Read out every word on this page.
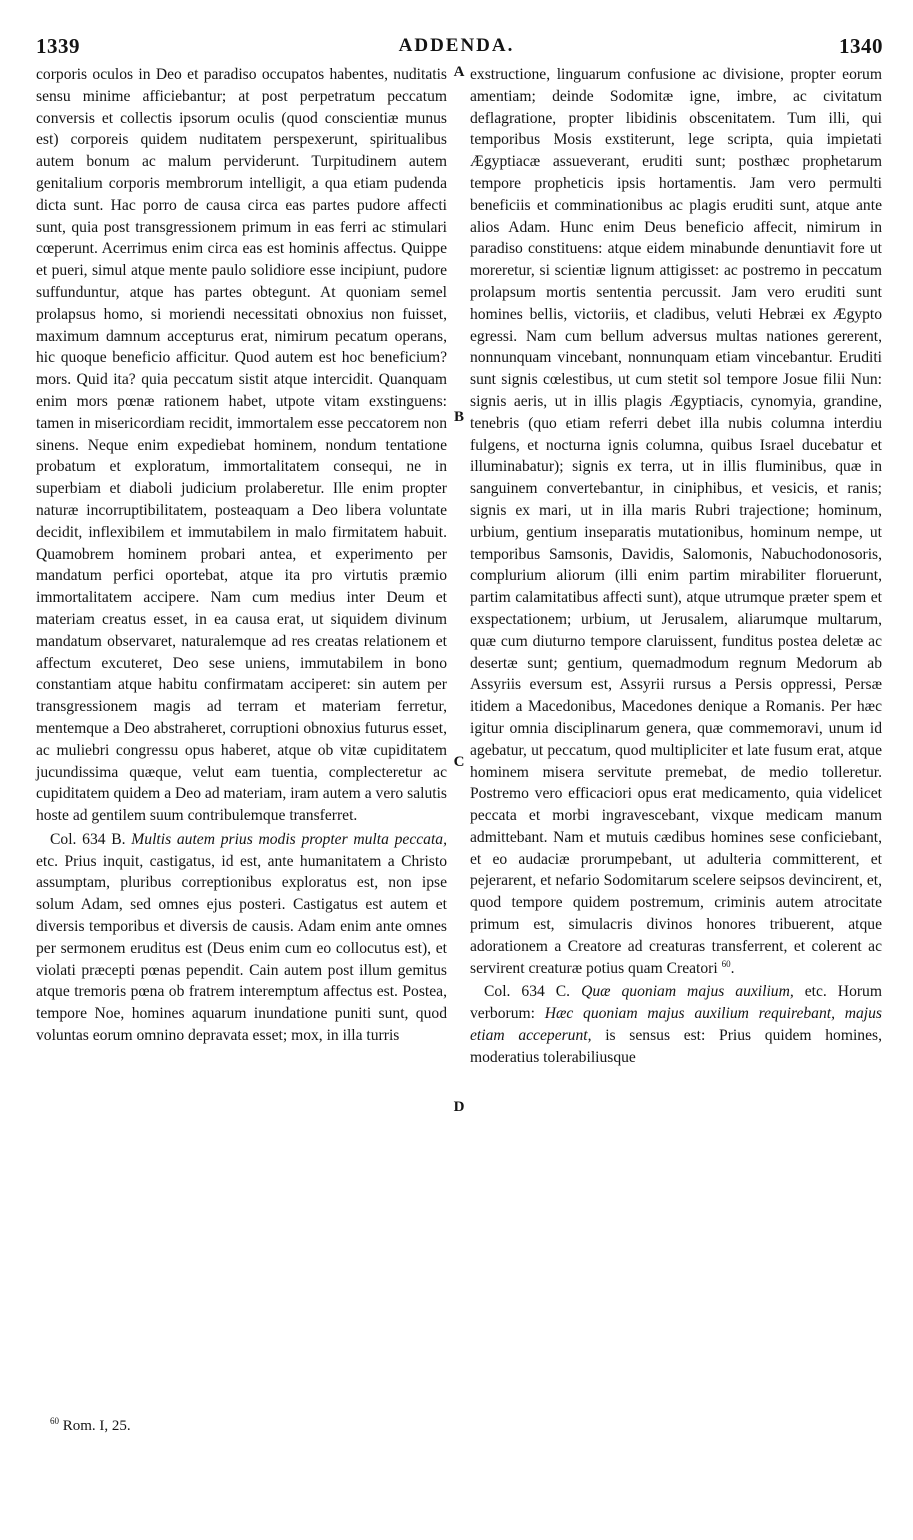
1339	ADDENDA.	1340

corporis oculos in Deo et paradiso occupatos habentes, nuditatis sensu minime afficiebantur; at post perpetratum peccatum conversis et collectis ipsorum oculis (quod conscientiæ munus est) corporeis quidem nuditatem perspexerunt, spiritualibus autem bonum ac malum perviderunt. Turpitudinem autem genitalium corporis membrorum intelligit, a qua etiam pudenda dicta sunt. Hac porro de causa circa eas partes pudore affecti sunt, quia post transgressionem primum in eas ferri ac stimulari cœperunt. Acerrimus enim circa eas est hominis affectus. Quippe et pueri, simul atque mente paulo solidiore esse incipiunt, pudore suffunduntur, atque has partes obtegunt. At quoniam semel prolapsus homo, si moriendi necessitati obnoxius non fuisset, maximum damnum accepturus erat, nimirum pecatum operans, hic quoque beneficio afficitur. Quod autem est hoc beneficium? mors. Quid ita? quia peccatum sistit atque intercidit. Quanquam enim mors pœnæ rationem habet, utpote vitam exstinguens: tamen in misericordiam recidit, immortalem esse peccatorem non sinens. Neque enim expediebat hominem, nondum tentatione probatum et exploratum, immortalitatem consequi, ne in superbiam et diaboli judicium prolaberetur. Ille enim propter naturæ incorruptibilitatem, posteaquam a Deo libera voluntate decidit, inflexibilem et immutabilem in malo firmitatem habuit. Quamobrem hominem probari antea, et experimento per mandatum perfici oportebat, atque ita pro virtutis præmio immortalitatem accipere. Nam cum medius inter Deum et materiam creatus esset, in ea causa erat, ut siquidem divinum mandatum observaret, naturalemque ad res creatas relationem et affectum excuteret, Deo sese uniens, immutabilem in bono constantiam atque habitu confirmatam acciperet: sin autem per transgressionem magis ad terram et materiam ferretur, mentemque a Deo abstraheret, corruptioni obnoxius futurus esset, ac muliebri congressu opus haberet, atque ob vitæ cupiditatem jucundissima quæque, velut eam tuentia, complecteretur ac cupiditatem quidem a Deo ad materiam, iram autem a vero salutis hoste ad gentilem suum contribulemque transferret.

Col. 634 B. Multis autem prius modis propter multa peccata, etc. Prius inquit, castigatus, id est, ante humanitatem a Christo assumptam, pluribus correptionibus exploratus est, non ipse solum Adam, sed omnes ejus posteri. Castigatus est autem et diversis temporibus et diversis de causis. Adam enim ante omnes per sermonem eruditus est (Deus enim cum eo collocutus est), et violati præcepti pœnas pependit. Cain autem post illum gemitus atque tremoris pœna ob fratrem interemptum affectus est. Postea, tempore Noe, homines aquarum inundatione puniti sunt, quod voluntas eorum omnino depravata esset; mox, in illa turris

exstructione, linguarum confusione ac divisione, propter eorum amentiam; deinde Sodomitæ igne, imbre, ac civitatum deflagratione, propter libidinis obscenitatem. Tum illi, qui temporibus Mosis exstiterunt, lege scripta, quia impietati Ægyptiacæ assueverant, eruditi sunt; posthæc prophetarum tempore propheticis ipsis hortamentis. Jam vero permulti beneficiis et comminationibus ac plagis eruditi sunt, atque ante alios Adam. Hunc enim Deus beneficio affecit, nimirum in paradiso constituens: atque eidem minabunde denuntiavit fore ut moreretur, si scientiæ lignum attigisset: ac postremo in peccatum prolapsum mortis sententia percussit. Jam vero eruditi sunt homines bellis, victoriis, et cladibus, veluti Hebræi ex Ægypto egressi. Nam cum bellum adversus multas nationes gererent, nonnunquam vincebant, nonnunquam etiam vincebantur. Eruditi sunt signis cœlestibus, ut cum stetit sol tempore Josue filii Nun: signis aeris, ut in illis plagis Ægyptiacis, cynomyia, grandine, tenebris (quo etiam referri debet illa nubis columna interdiu fulgens, et nocturna ignis columna, quibus Israel ducebatur et illuminabatur); signis ex terra, ut in illis fluminibus, quæ in sanguinem convertebantur, in ciniphibus, et vesicis, et ranis; signis ex mari, ut in illa maris Rubri trajectione; hominum, urbium, gentium inseparatis mutationibus, hominum nempe, ut temporibus Samsonis, Davidis, Salomonis, Nabuchodonosoris, complurium aliorum (illi enim partim mirabiliter floruerunt, partim calamitatibus affecti sunt), atque utrumque præter spem et exspectationem; urbium, ut Jerusalem, aliarumque multarum, quæ cum diuturno tempore claruissent, funditus postea deletæ ac desertæ sunt; gentium, quemadmodum regnum Medorum ab Assyriis eversum est, Assyrii rursus a Persis oppressi, Persæ itidem a Macedonibus, Macedones denique a Romanis. Per hæc igitur omnia disciplinarum genera, quæ commemoravi, unum id agebatur, ut peccatum, quod multipliciter et late fusum erat, atque hominem misera servitute premebat, de medio tolleretur. Postremo vero efficaciori opus erat medicamento, quia videlicet peccata et morbi ingravescebant, vixque medicam manum admittebant. Nam et mutuis cædibus homines sese conficiebant, et eo audaciæ prorumpebant, ut adulteria committerent, et pejerarent, et nefario Sodomitarum scelere seipsos devincirent, et, quod tempore quidem postremum, criminis autem atrocitate primum est, simulacris divinos honores tribuerent, atque adorationem a Creatore ad creaturas transferrent, et colerent ac servirent creaturæ potius quam Creatori $^{60}$.

Col. 634 C. Quæ quoniam majus auxilium, etc. Horum verborum: Hæc quoniam majus auxilium requirebant, majus etiam acceperunt, is sensus est: Prius quidem homines, moderatius tolerabiliusque

A
B
C
D
$^{60}$ Rom. I, 25.
